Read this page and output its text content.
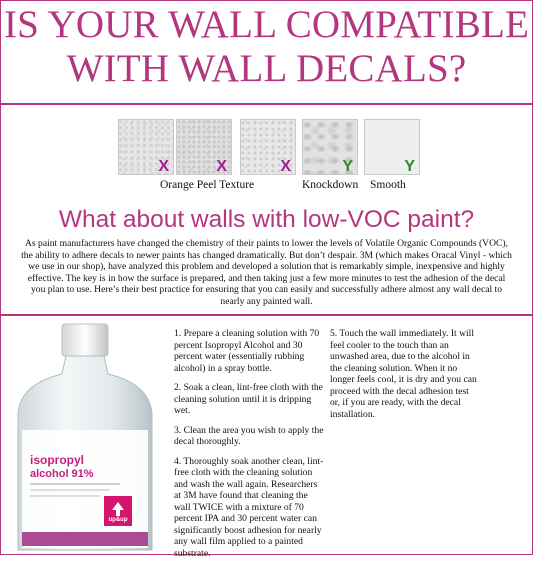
IS YOUR WALL COMPATIBLE
WITH WALL DECALS?
X	X	X	Y	Y
Orange Peel Texture	Knockdown Smooth
What about walls with low-VOC paint?

As paint manufacturers have changed the chemistry of their paints to lower the levels of Volatile Organic Compounds (VOC), the ability to adhere decals to newer paints has changed dramatically. But don’t despair. 3M (which makes Oracal Vinyl - which we use in our shop), have analyzed this problem and developed a solution that is remarkably simple, inexpensive and highly effective. The key is in how the surface is prepared, and then taking just a few more minutes to test the adhesion of the decal you plan to use. Here’s their best practice for ensuring that you can easily and successfully adhere almost any wall decal to nearly any painted wall.

isopropyl
alcohol 91%
up&up

1. Prepare a cleaning solution with 70 percent Isopropyl Alcohol and 30 percent water (essentially rubbing alcohol) in a spray bottle.

2. Soak a clean, lint-free cloth with the cleaning solution until it is dripping wet.

3. Clean the area you wish to apply the decal thoroughly.

4. Thoroughly soak another clean, lint-free cloth with the cleaning solution and wash the wall again. Researchers at 3M have found that cleaning the wall TWICE with a mixture of 70 percent IPA and 30 percent water can significantly boost adhesion for nearly any wall film applied to a painted substrate.

5. Touch the wall immediately. It will feel cooler to the touch than an unwashed area, due to the alcohol in the cleaning solution. When it no longer feels cool, it is dry and you can proceed with the decal adhesion test or, if you are ready, with the decal installation.
